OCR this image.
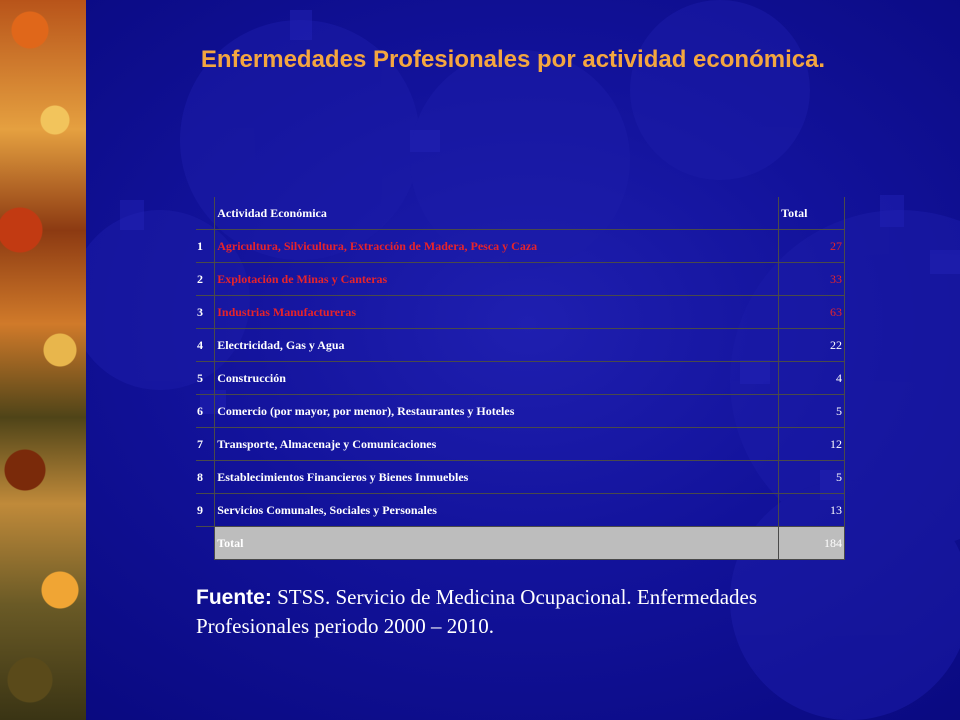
Enfermedades Profesionales por actividad económica.
	Actividad Económica	Total
1	Agricultura, Silvicultura, Extracción de Madera, Pesca y Caza	27
2	Explotación de Minas y Canteras	33
3	Industrias Manufactureras	63
4	Electricidad, Gas y Agua	22
5	Construcción	4
6	Comercio (por mayor, por menor), Restaurantes y Hoteles	5
7	Transporte, Almacenaje y Comunicaciones	12
8	Establecimientos Financieros y Bienes Inmuebles	5
9	Servicios Comunales, Sociales y Personales	13
	Total	184

Fuente: STSS. Servicio de Medicina Ocupacional. Enfermedades Profesionales periodo 2000 – 2010.
